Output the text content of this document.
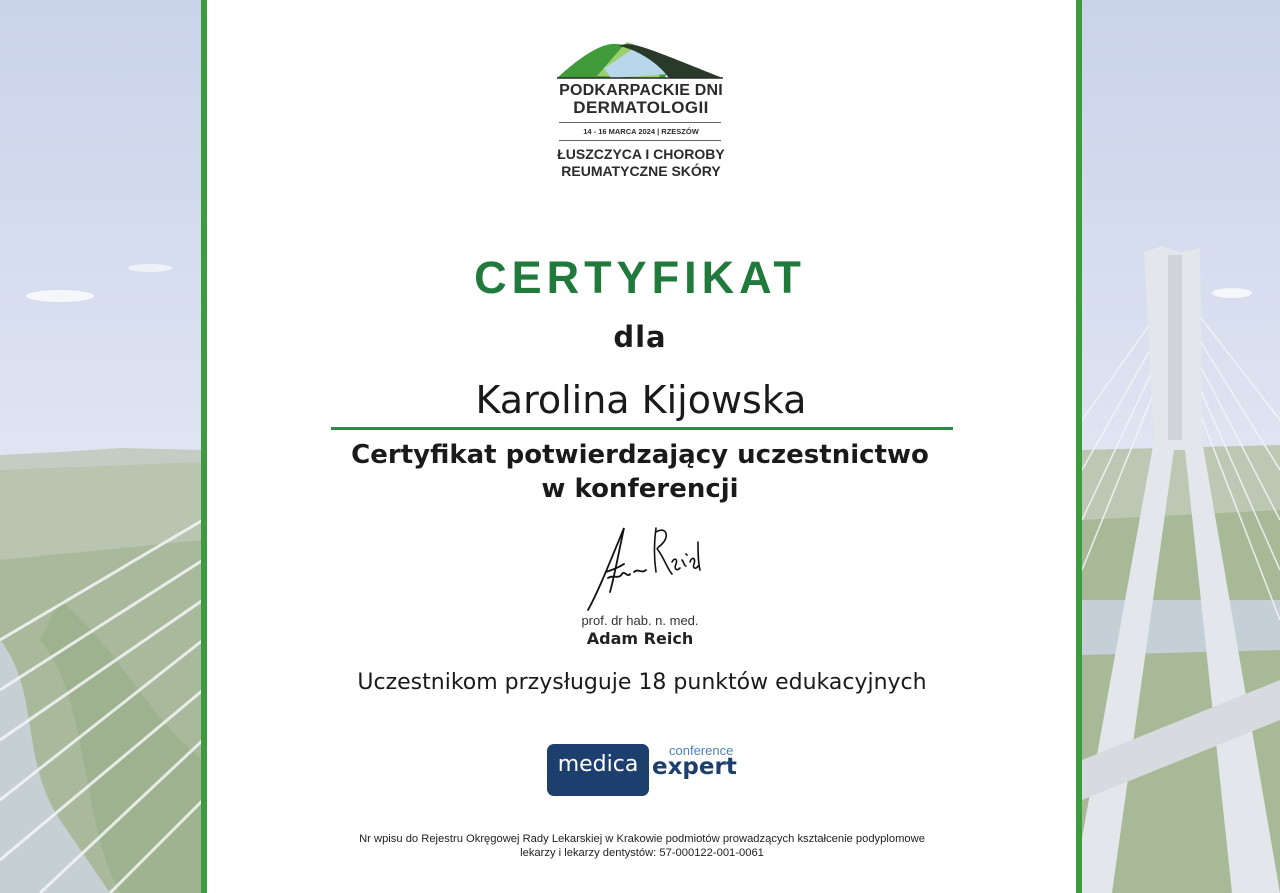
PODKARPACKIE DNI
DERMATOLOGII
14 - 16 MARCA 2024 | RZESZÓW
ŁUSZCZYCA I CHOROBY
REUMATYCZNE SKÓRY
CERTYFIKAT
dla
Karolina Kijowska
Certyfikat potwierdzający uczestnictwo
w konferencji
prof. dr hab. n. med.
Adam Reich
Uczestnikom przysługuje 18 punktów edukacyjnych
medica
conference
expert
Nr wpisu do Rejestru Okręgowej Rady Lekarskiej w Krakowie podmiotów prowadzących kształcenie podyplomowe
lekarzy i lekarzy dentystów: 57-000122-001-0061
